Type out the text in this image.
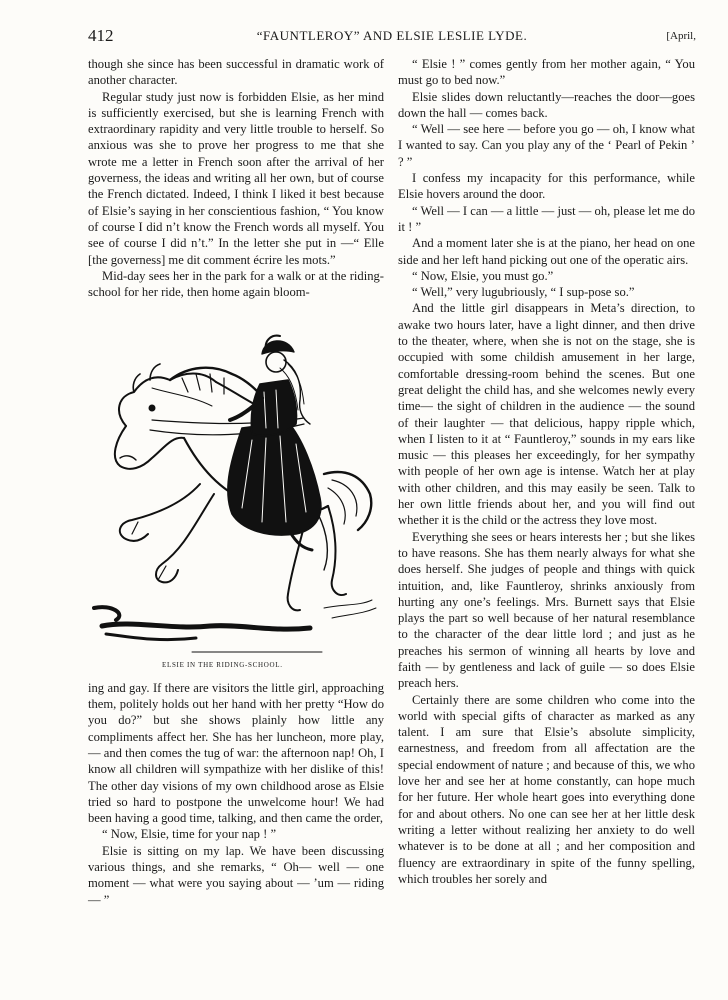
412	“FAUNTLEROY” AND ELSIE LESLIE LYDE.	[April,

though she since has been successful in dramatic work of another character.

Regular study just now is forbidden Elsie, as her mind is sufficiently exercised, but she is learning French with extraordinary rapidity and very little trouble to herself. So anxious was she to prove her progress to me that she wrote me a letter in French soon after the arrival of her governess, the ideas and writing all her own, but of course the French dictated. Indeed, I think I liked it best because of Elsie’s saying in her conscientious fashion, “ You know of course I did n’t know the French words all myself. You see of course I did n’t.” In the letter she put in —“ Elle [the governess] me dit comment écrire les mots.”

Mid-day sees her in the park for a walk or at the riding-school for her ride, then home again bloom-

ELSIE IN THE RIDING-SCHOOL.

ing and gay. If there are visitors the little girl, approaching them, politely holds out her hand with her pretty “How do you do?” but she shows plainly how little any compliments affect her. She has her luncheon, more play,— and then comes the tug of war: the afternoon nap! Oh, I know all children will sympathize with her dislike of this! The other day visions of my own childhood arose as Elsie tried so hard to postpone the unwelcome hour! We had been having a good time, talking, and then came the order,

“ Now, Elsie, time for your nap ! ”

Elsie is sitting on my lap. We have been discussing various things, and she remarks, “ Oh— well — one moment — what were you saying about — ’um — riding — ”

“ Elsie ! ” comes gently from her mother again, “ You must go to bed now.”

Elsie slides down reluctantly—reaches the door—goes down the hall — comes back.

“ Well — see here — before you go — oh, I know what I wanted to say. Can you play any of the ‘ Pearl of Pekin ’ ? ”

I confess my incapacity for this performance, while Elsie hovers around the door.

“ Well — I can — a little — just — oh, please let me do it ! ”

And a moment later she is at the piano, her head on one side and her left hand picking out one of the operatic airs.

“ Now, Elsie, you must go.”

“ Well,” very lugubriously, “ I sup-pose so.”

And the little girl disappears in Meta’s direction, to awake two hours later, have a light dinner, and then drive to the theater, where, when she is not on the stage, she is occupied with some childish amusement in her large, comfortable dressing-room behind the scenes. But one great delight the child has, and she welcomes newly every time— the sight of children in the audience — the sound of their laughter — that delicious, happy ripple which, when I listen to it at “ Fauntleroy,” sounds in my ears like music — this pleases her exceedingly, for her sympathy with people of her own age is intense. Watch her at play with other children, and this may easily be seen. Talk to her own little friends about her, and you will find out whether it is the child or the actress they love most.

Everything she sees or hears interests her ; but she likes to have reasons. She has them nearly always for what she does herself. She judges of people and things with quick intuition, and, like Fauntleroy, shrinks anxiously from hurting any one’s feelings. Mrs. Burnett says that Elsie plays the part so well because of her natural resemblance to the character of the dear little lord ; and just as he preaches his sermon of winning all hearts by love and faith — by gentleness and lack of guile — so does Elsie preach hers.

Certainly there are some children who come into the world with special gifts of character as marked as any talent. I am sure that Elsie’s absolute simplicity, earnestness, and freedom from all affectation are the special endowment of nature ; and because of this, we who love her and see her at home constantly, can hope much for her future. Her whole heart goes into everything done for and about others. No one can see her at her little desk writing a letter without realizing her anxiety to do well whatever is to be done at all ; and her composition and fluency are extraordinary in spite of the funny spelling, which troubles her sorely and
